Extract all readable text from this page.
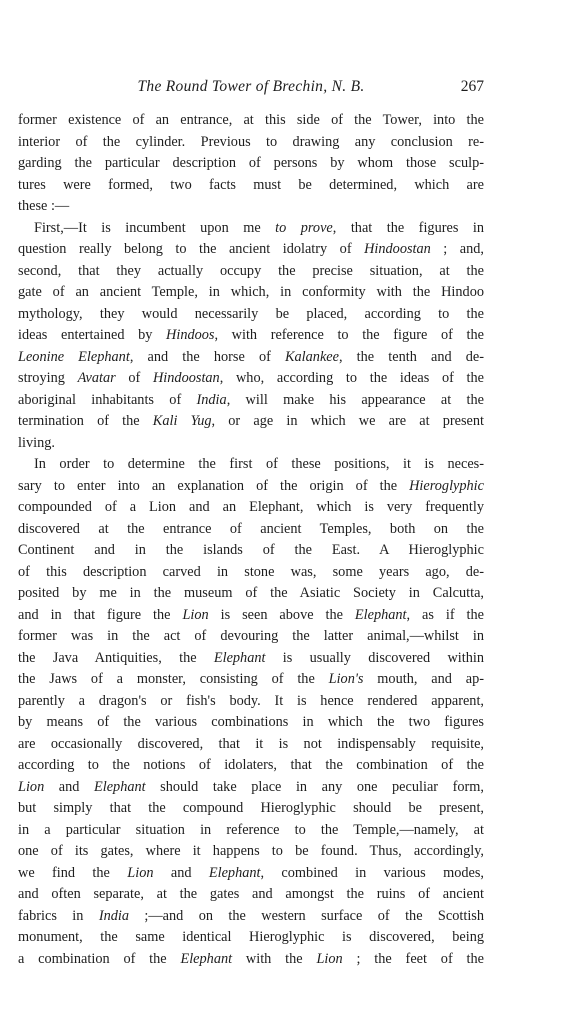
The Round Tower of Brechin, N. B.	267
former existence of an entrance, at this side of the Tower, into the
interior of the cylinder. Previous to drawing any conclusion re-
garding the particular description of persons by whom those sculp-
tures were formed, two facts must be determined, which are
these :—
First,—It is incumbent upon me to prove, that the figures in
question really belong to the ancient idolatry of Hindoostan ; and,
second, that they actually occupy the precise situation, at the
gate of an ancient Temple, in which, in conformity with the Hindoo
mythology, they would necessarily be placed, according to the
ideas entertained by Hindoos, with reference to the figure of the
Leonine Elephant, and the horse of Kalankee, the tenth and de-
stroying Avatar of Hindoostan, who, according to the ideas of the
aboriginal inhabitants of India, will make his appearance at the
termination of the Kali Yug, or age in which we are at present
living.
In order to determine the first of these positions, it is neces-
sary to enter into an explanation of the origin of the Hieroglyphic
compounded of a Lion and an Elephant, which is very frequently
discovered at the entrance of ancient Temples, both on the
Continent and in the islands of the East. A Hieroglyphic
of this description carved in stone was, some years ago, de-
posited by me in the museum of the Asiatic Society in Calcutta,
and in that figure the Lion is seen above the Elephant, as if the
former was in the act of devouring the latter animal,—whilst in
the Java Antiquities, the Elephant is usually discovered within
the Jaws of a monster, consisting of the Lion's mouth, and ap-
parently a dragon's or fish's body. It is hence rendered apparent,
by means of the various combinations in which the two figures
are occasionally discovered, that it is not indispensably requisite,
according to the notions of idolaters, that the combination of the
Lion and Elephant should take place in any one peculiar form,
but simply that the compound Hieroglyphic should be present,
in a particular situation in reference to the Temple,—namely, at
one of its gates, where it happens to be found. Thus, accordingly,
we find the Lion and Elephant, combined in various modes,
and often separate, at the gates and amongst the ruins of ancient
fabrics in India ;—and on the western surface of the Scottish
monument, the same identical Hieroglyphic is discovered, being
a combination of the Elephant with the Lion ; the feet of the
